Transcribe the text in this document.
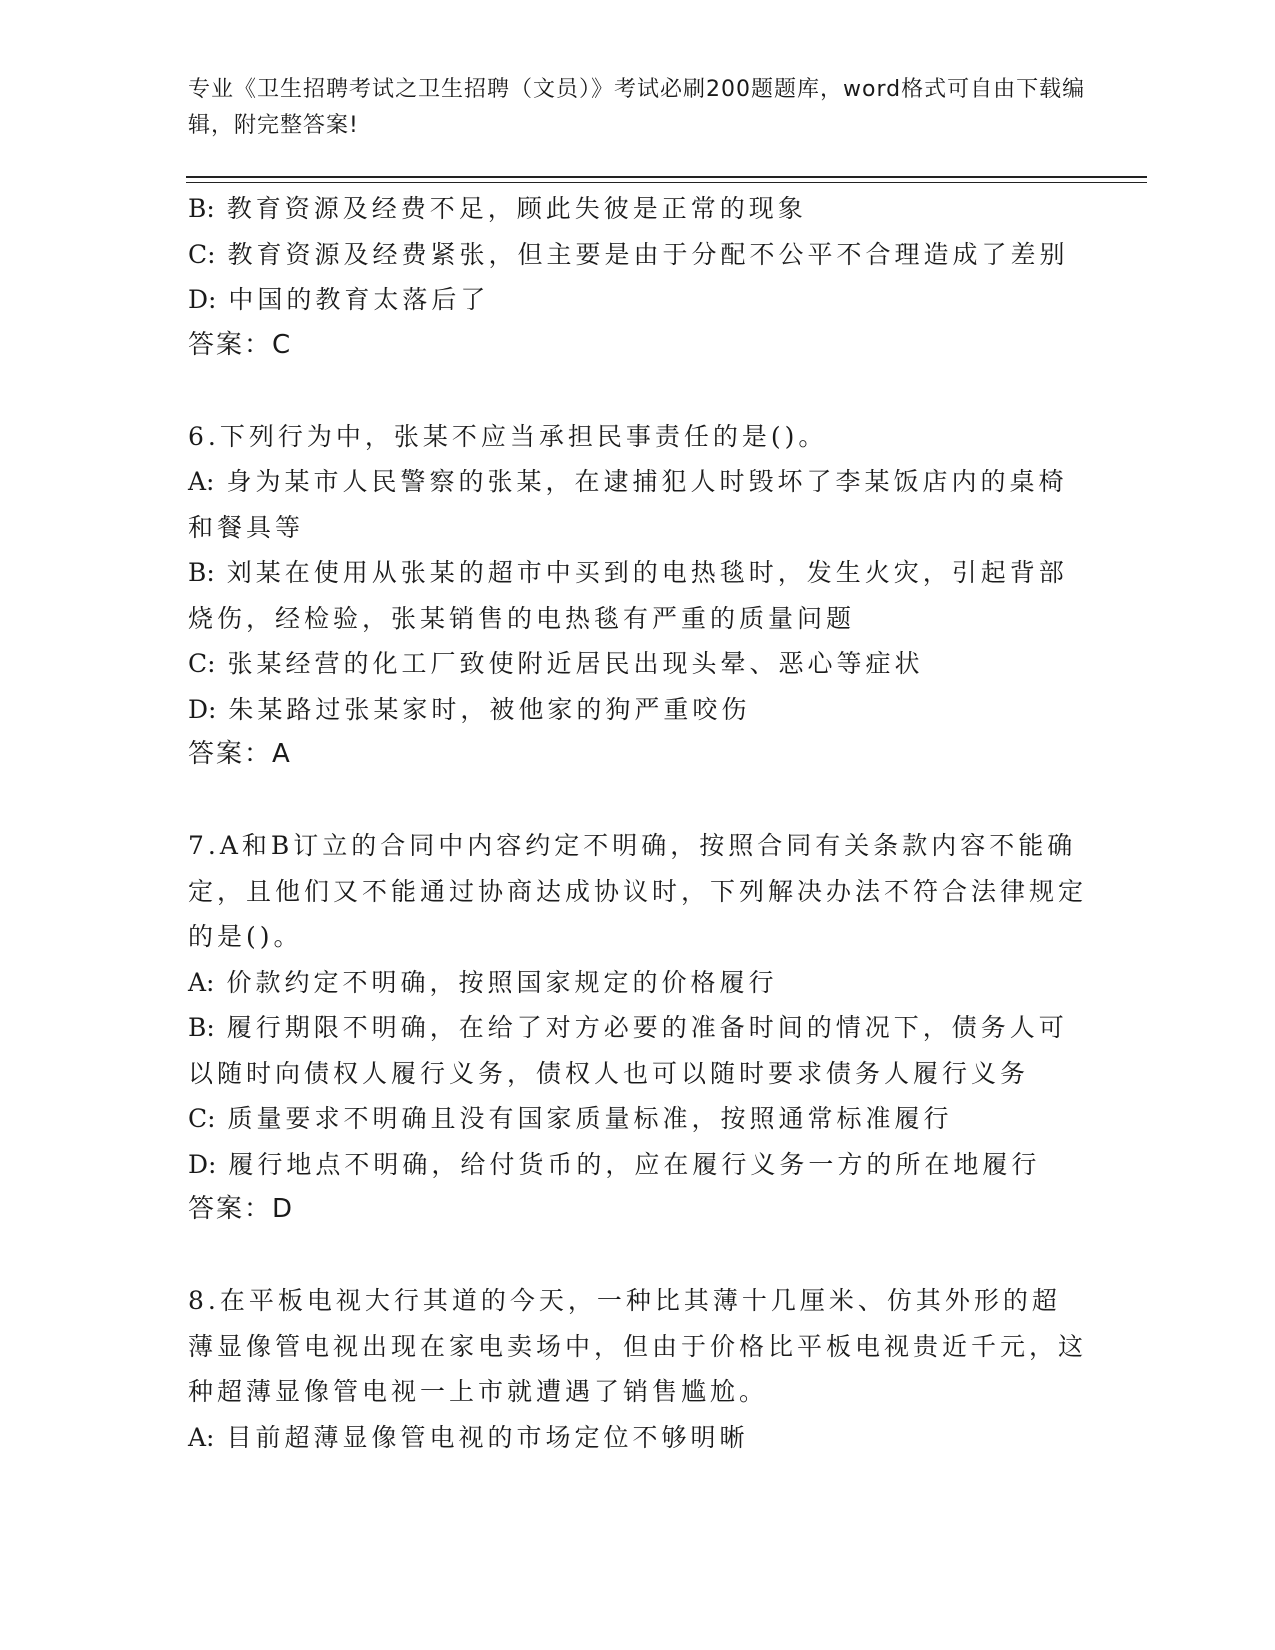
专业《卫生招聘考试之卫生招聘（文员）》考试必刷200题题库，word格式可自由下载编辑，附完整答案!

B: 教育资源及经费不足，顾此失彼是正常的现象

C: 教育资源及经费紧张，但主要是由于分配不公平不合理造成了差别

D: 中国的教育太落后了

答案：C

6.下列行为中，张某不应当承担民事责任的是()。

A: 身为某市人民警察的张某，在逮捕犯人时毁坏了李某饭店内的桌椅和餐具等

B: 刘某在使用从张某的超市中买到的电热毯时，发生火灾，引起背部烧伤，经检验，张某销售的电热毯有严重的质量问题

C: 张某经营的化工厂致使附近居民出现头晕、恶心等症状

D: 朱某路过张某家时，被他家的狗严重咬伤

答案：A

7.A和B订立的合同中内容约定不明确，按照合同有关条款内容不能确定，且他们又不能通过协商达成协议时，下列解决办法不符合法律规定的是()。

A: 价款约定不明确，按照国家规定的价格履行

B: 履行期限不明确，在给了对方必要的准备时间的情况下，债务人可以随时向债权人履行义务，债权人也可以随时要求债务人履行义务

C: 质量要求不明确且没有国家质量标准，按照通常标准履行

D: 履行地点不明确，给付货币的，应在履行义务一方的所在地履行

答案：D

8.在平板电视大行其道的今天，一种比其薄十几厘米、仿其外形的超薄显像管电视出现在家电卖场中，但由于价格比平板电视贵近千元，这种超薄显像管电视一上市就遭遇了销售尴尬。

A: 目前超薄显像管电视的市场定位不够明晰
